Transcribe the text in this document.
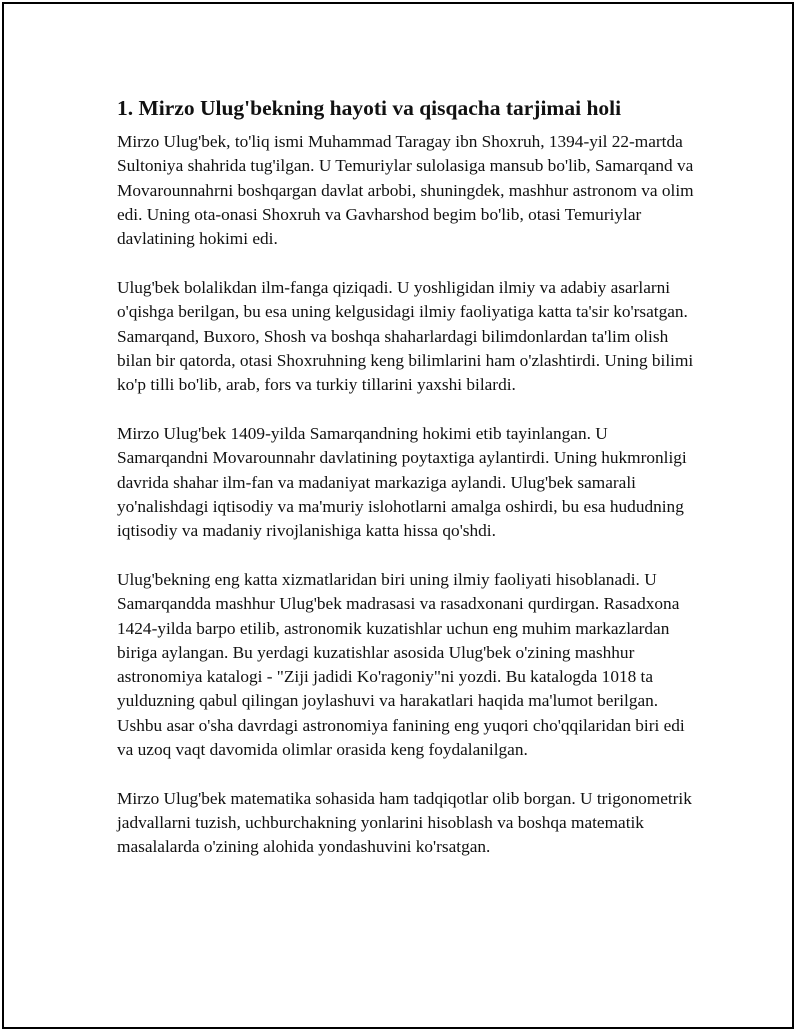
1. Mirzo Ulug'bekning hayoti va qisqacha tarjimai holi

Mirzo Ulug'bek, to'liq ismi Muhammad Taragay ibn Shoxruh, 1394-yil 22-martda Sultoniya shahrida tug'ilgan. U Temuriylar sulolasiga mansub bo'lib, Samarqand va Movarounnahrni boshqargan davlat arbobi, shuningdek, mashhur astronom va olim edi. Uning ota-onasi Shoxruh va Gavharshod begim bo'lib, otasi Temuriylar davlatining hokimi edi.

Ulug'bek bolalikdan ilm-fanga qiziqadi. U yoshligidan ilmiy va adabiy asarlarni o'qishga berilgan, bu esa uning kelgusidagi ilmiy faoliyatiga katta ta'sir ko'rsatgan. Samarqand, Buxoro, Shosh va boshqa shaharlardagi bilimdonlardan ta'lim olish bilan bir qatorda, otasi Shoxruhning keng bilimlarini ham o'zlashtirdi. Uning bilimi ko'p tilli bo'lib, arab, fors va turkiy tillarini yaxshi bilardi.

Mirzo Ulug'bek 1409-yilda Samarqandning hokimi etib tayinlangan. U Samarqandni Movarounnahr davlatining poytaxtiga aylantirdi. Uning hukmronligi davrida shahar ilm-fan va madaniyat markaziga aylandi. Ulug'bek samarali yo'nalishdagi iqtisodiy va ma'muriy islohotlarni amalga oshirdi, bu esa hududning iqtisodiy va madaniy rivojlanishiga katta hissa qo'shdi.

Ulug'bekning eng katta xizmatlaridan biri uning ilmiy faoliyati hisoblanadi. U Samarqandda mashhur Ulug'bek madrasasi va rasadxonani qurdirgan. Rasadxona 1424-yilda barpo etilib, astronomik kuzatishlar uchun eng muhim markazlardan biriga aylangan. Bu yerdagi kuzatishlar asosida Ulug'bek o'zining mashhur astronomiya katalogi - "Ziji jadidi Ko'ragoniy"ni yozdi. Bu katalogda 1018 ta yulduzning qabul qilingan joylashuvi va harakatlari haqida ma'lumot berilgan. Ushbu asar o'sha davrdagi astronomiya fanining eng yuqori cho'qqilaridan biri edi va uzoq vaqt davomida olimlar orasida keng foydalanilgan.

Mirzo Ulug'bek matematika sohasida ham tadqiqotlar olib borgan. U trigonometrik jadvallarni tuzish, uchburchakning yonlarini hisoblash va boshqa matematik masalalarda o'zining alohida yondashuvini ko'rsatgan.
